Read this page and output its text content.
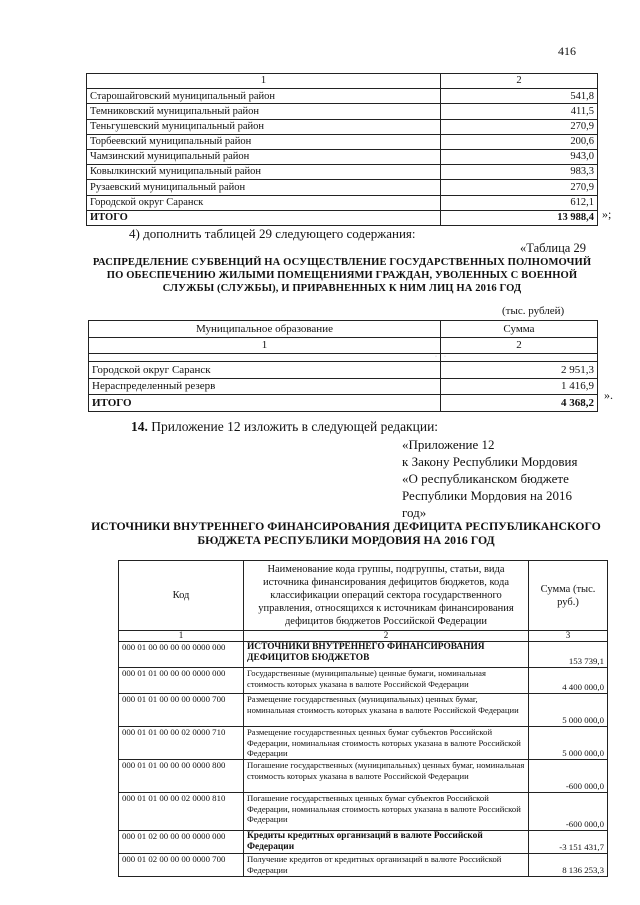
416
1	2
Старошайговский муниципальный район	541,8
Темниковский муниципальный район	411,5
Теньгушевский муниципальный район	270,9
Торбеевский муниципальный район	200,6
Чамзинский муниципальный район	943,0
Ковылкинский муниципальный район	983,3
Рузаевский муниципальный район	270,9
Городской округ Саранск	612,1
ИТОГО	13 988,4 »;
4) дополнить таблицей 29 следующего содержания:
«Таблица 29
РАСПРЕДЕЛЕНИЕ СУБВЕНЦИЙ НА ОСУЩЕСТВЛЕНИЕ ГОСУДАРСТВЕННЫХ ПОЛНОМОЧИЙ ПО ОБЕСПЕЧЕНИЮ ЖИЛЫМИ ПОМЕЩЕНИЯМИ ГРАЖДАН, УВОЛЕННЫХ С ВОЕННОЙ СЛУЖБЫ (СЛУЖБЫ), И ПРИРАВНЕННЫХ К НИМ ЛИЦ НА 2016 ГОД
(тыс. рублей)
Муниципальное образование	Сумма
1	2
·	·
Городской округ Саранск	2 951,3
Нераспределенный резерв	1 416,9
ИТОГО	4 368,2
».
14. Приложение 12 изложить в следующей редакции:
«Приложение 12
к Закону Республики Мордовия
«О республиканском бюджете
Республики Мордовия на 2016
год»
ИСТОЧНИКИ ВНУТРЕННЕГО ФИНАНСИРОВАНИЯ ДЕФИЦИТА РЕСПУБЛИКАНСКОГО БЮДЖЕТА РЕСПУБЛИКИ МОРДОВИЯ НА 2016 ГОД
Код	Наименование кода группы, подгруппы, статьи, вида источника финансирования дефицитов бюджетов, кода классификации операций сектора государственного управления, относящихся к источникам финансирования дефицитов бюджетов Российской Федерации	Сумма (тыс. руб.)
1	2	3
000 01 00 00 00 00 0000 000	ИСТОЧНИКИ ВНУТРЕННЕГО ФИНАНСИРОВАНИЯ ДЕФИЦИТОВ БЮДЖЕТОВ	153 739,1
000 01 01 00 00 00 0000 000	Государственные (муниципальные) ценные бумаги, номинальная стоимость которых указана в валюте Российской Федерации	4 400 000,0
000 01 01 00 00 00 0000 700	Размещение государственных (муниципальных) ценных бумаг, номинальная стоимость которых указана в валюте Российской Федерации	5 000 000,0
000 01 01 00 00 02 0000 710	Размещение государственных ценных бумаг субъектов Российской Федерации, номинальная стоимость которых указана в валюте Российской Федерации	5 000 000,0
000 01 01 00 00 00 0000 800	Погашение государственных (муниципальных) ценных бумаг, номинальная стоимость которых указана в валюте Российской Федерации	-600 000,0
000 01 01 00 00 02 0000 810	Погашение государственных ценных бумаг субъектов Российской Федерации, номинальная стоимость которых указана в валюте Российской Федерации	-600 000,0
000 01 02 00 00 00 0000 000	Кредиты кредитных организаций в валюте Российской Федерации	-3 151 431,7
000 01 02 00 00 00 0000 700	Получение кредитов от кредитных организаций в валюте Российской Федерации	8 136 253,3
